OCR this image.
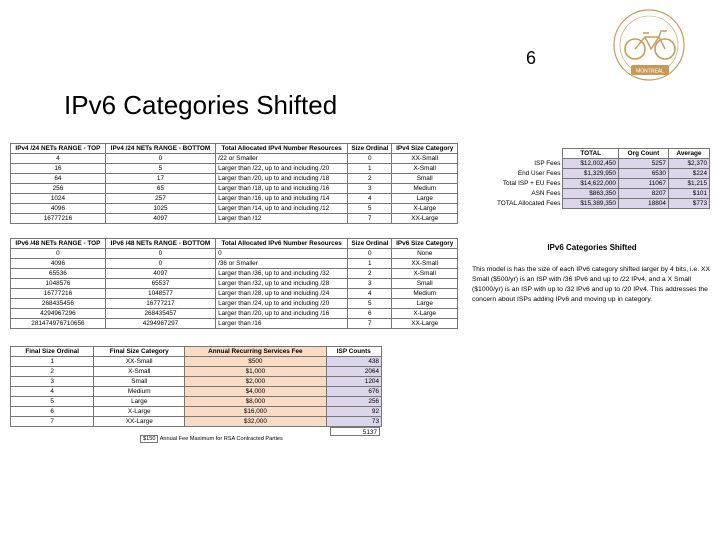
6
MONTREAL
IPv6 Categories Shifted
IPv4 /24 NETs RANGE - TOP	IPv4 /24 NETs RANGE - BOTTOM	Total Allocated IPv4 Number Resources	Size Ordinal	IPv4 Size Category
4	0	/22 or Smaller	0	XX-Small
16	5	Larger than /22, up to and including /20	1	X-Small
64	17	Larger than /20, up to and including /18	2	Small
256	65	Larger than /18, up to and including /16	3	Medium
1024	257	Larger than /16, up to and including /14	4	Large
4096	1025	Larger than /14, up to and including /12	5	X-Large
16777216	4097	Larger than /12	7	XX-Large
IPv6 /48 NETs RANGE - TOP	IPv6 /48 NETs RANGE - BOTTOM	Total Allocated IPv6 Number Resources	Size Ordinal	IPv6 Size Category
0	0	0	0	None
4096	0	/36 or Smaller	1	XX-Small
65536	4097	Larger than /36, up to and including /32	2	X-Small
1048576	65537	Larger than /32, up to and including /28	3	Small
16777216	1048577	Larger than /28, up to and including /24	4	Medium
268435456	16777217	Larger than /24, up to and including /20	5	Large
4294967296	268435457	Larger than /20, up to and including /16	6	X-Large
281474976710656	4294967297	Larger than /16	7	XX-Large
Final Size Ordinal	Final Size Category	Annual Recurring Services Fee	ISP Counts
1	XX-Small	$500	438
2	X-Small	$1,000	2064
3	Small	$2,000	1204
4	Medium	$4,000	676
5	Large	$8,000	256
6	X-Large	$16,000	92
7	XX-Large	$32,000	73
5137
$150 Annual Fee Maximum for RSA Contracted Parties
	TOTAL	Org Count	Average
ISP Fees	$12,002,450	5257	$2,370
End User Fees	$1,329,950	6530	$224
Total ISP + EU Fees	$14,622,000	11067	$1,215
ASN Fees	$863,350	8207	$101
TOTAL Allocated Fees	$15,389,350	18804	$773
IPv6 Categories Shifted
This model is has the size of each IPv6 category shifted larger by 4 bits, i.e. XX Small ($500/yr) is an ISP with /36 IPv6 and up to /22 IPv4, and a X Small ($1000/yr) is an ISP with up to /32 IPv6 and up to /20 IPv4. This addresses the concern about ISPs adding IPv6 and moving up in category.
